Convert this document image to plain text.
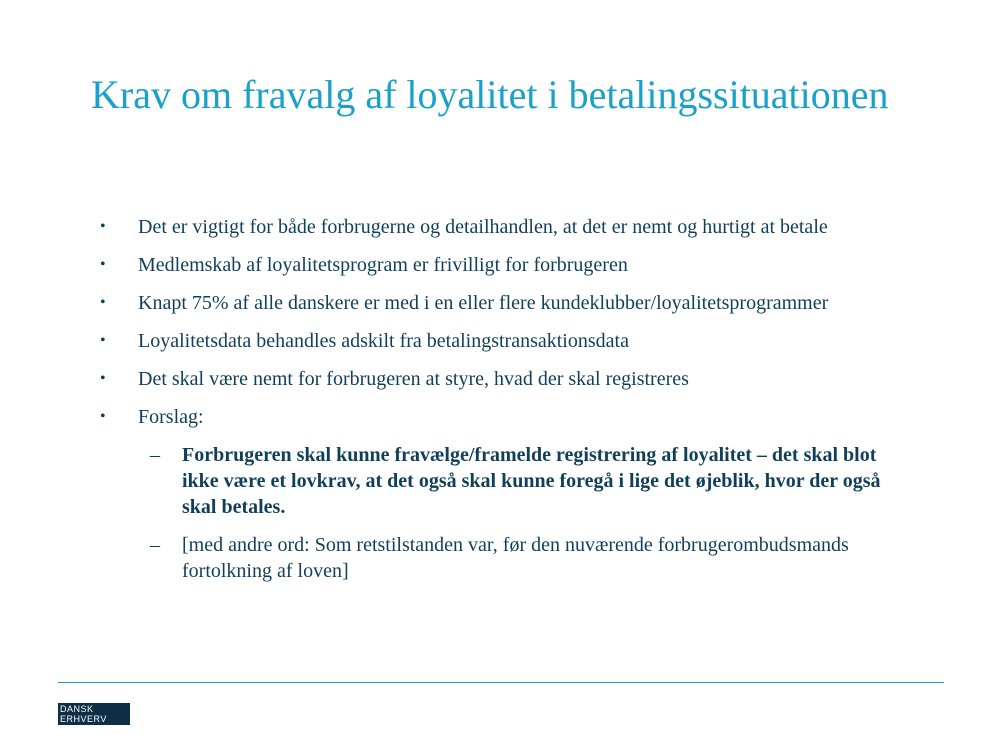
Krav om fravalg af loyalitet i betalingssituationen
• Det er vigtigt for både forbrugerne og detailhandlen, at det er nemt og hurtigt at betale
• Medlemskab af loyalitetsprogram er frivilligt for forbrugeren
• Knapt 75% af alle danskere er med i en eller flere kundeklubber/loyalitetsprogrammer
• Loyalitetsdata behandles adskilt fra betalingstransaktionsdata
• Det skal være nemt for forbrugeren at styre, hvad der skal registreres
• Forslag:
– Forbrugeren skal kunne fravælge/framelde registrering af loyalitet – det skal blot ikke være et lovkrav, at det også skal kunne foregå i lige det øjeblik, hvor der også skal betales.
– [med andre ord: Som retstilstanden var, før den nuværende forbrugerombudsmands fortolkning af loven]
DANSK
ERHVERV
